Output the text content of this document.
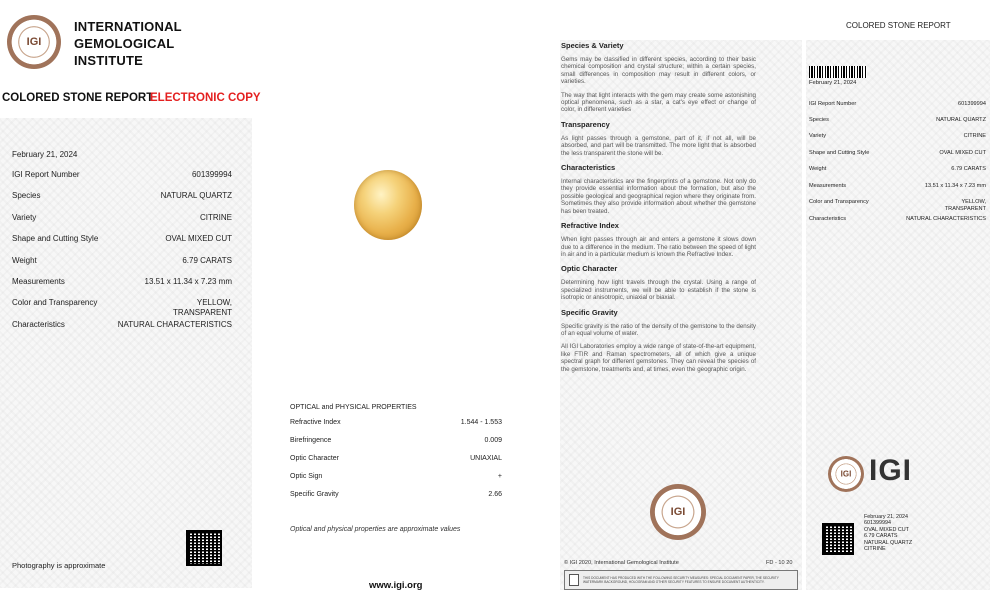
IGI
INTERNATIONAL
GEMOLOGICAL
INSTITUTE
COLORED STONE REPORT
ELECTRONIC COPY
February 21, 2024
IGI Report Number	601399994
Species	NATURAL QUARTZ
Variety	CITRINE
Shape and Cutting Style	OVAL MIXED CUT
Weight	6.79 CARATS
Measurements	13.51 x 11.34 x 7.23 mm
Color and Transparency	YELLOW,
TRANSPARENT
Characteristics	NATURAL CHARACTERISTICS
Photography is approximate
OPTICAL and PHYSICAL PROPERTIES
Refractive Index	1.544 - 1.553
Birefringence	0.009
Optic Character	UNIAXIAL
Optic Sign	+
Specific Gravity	2.66
Optical and physical properties are approximate values
www.igi.org
Species & Variety

Gems may be classified in different species, according to their basic chemical composition and crystal structure; within a certain species, small differences in composition may result in different colors, or varieties.

The way that light interacts with the gem may create some astonishing optical phenomena, such as a star, a cat's eye effect or change of color, in different varieties

Transparency

As light passes through a gemstone, part of it, if not all, will be absorbed, and part will be transmitted. The more light that is absorbed the less transparent the stone will be.

Characteristics

Internal characteristics are the fingerprints of a gemstone. Not only do they provide essential information about the formation, but also the possible geological and geographical region where they originate from. Sometimes they also provide information about whether the gemstone has been treated.

Refractive Index

When light passes through air and enters a gemstone it slows down due to a difference in the medium. The ratio between the speed of light in air and in a particular medium is known the Refractive Index.

Optic Character

Determining how light travels through the crystal. Using a range of specialized instruments, we will be able to establish if the stone is isotropic or anisotropic, uniaxial or biaxial.

Specific Gravity

Specific gravity is the ratio of the density of the gemstone to the density of an equal volume of water.

All IGI Laboratories employ a wide range of state-of-the-art equipment, like FTIR and Raman spectrometers, all of which give a unique spectral graph for different gemstones. They can reveal the species of the gemstone, treatments and, at times, even the geographic origin.

IGI
© IGI 2020, International Gemological Institute	FD - 10 20
THIS DOCUMENT HAS PRODUCED WITH THE FOLLOWING SECURITY MEASURES: SPECIAL DOCUMENT PAPER, THE SECURITY WATERMARK BACKGROUND, HOLOGRAM AND OTHER SECURITY FEATURES TO ENSURE DOCUMENT AUTHENTICITY.
COLORED STONE REPORT
February 21, 2024
IGI Report Number	601399994
Species	NATURAL QUARTZ
Variety	CITRINE
Shape and Cutting Style	OVAL MIXED CUT
Weight	6.79 CARATS
Measurements	13.51 x 11.34 x 7.23 mm
Color and Transparency	YELLOW,
TRANSPARENT
Characteristics	NATURAL CHARACTERISTICS
IGI IGI
February 21, 2024
601399994
OVAL MIXED CUT
6.79 CARATS
NATURAL QUARTZ
CITRINE
